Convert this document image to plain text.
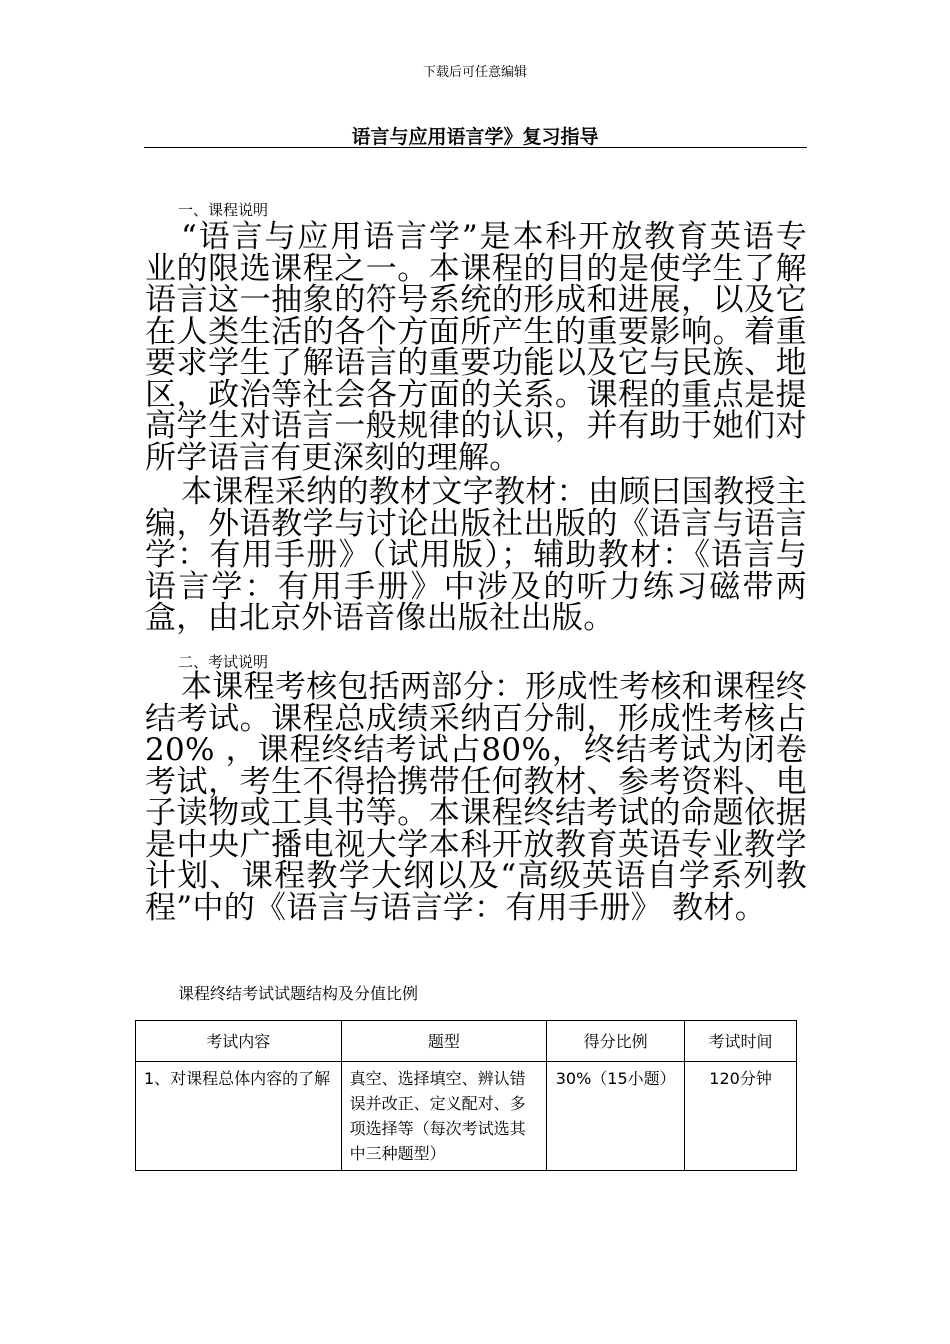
下载后可任意编辑
语言与应用语言学》复习指导
一、课程说明

“语言与应用语言学”是本科开放教育英语专业的限选课程之一。本课程的目的是使学生了解语言这一抽象的符号系统的形成和进展，以及它在人类生活的各个方面所产生的重要影响。着重要求学生了解语言的重要功能以及它与民族、地区，政治等社会各方面的关系。课程的重点是提高学生对语言一般规律的认识，并有助于她们对所学语言有更深刻的理解。

本课程采纳的教材文字教材：由顾曰国教授主编，外语教学与讨论出版社出版的《语言与语言学：有用手册》（试用版）；辅助教材：《语言与语言学：有用手册》中涉及的听力练习磁带两盒，由北京外语音像出版社出版。

二、考试说明

本课程考核包括两部分：形成性考核和课程终结考试。课程总成绩采纳百分制，形成性考核占20% ，课程终结考试占80%，终结考试为闭卷考试，考生不得拾携带任何教材、参考资料、电子读物或工具书等。本课程终结考试的命题依据是中央广播电视大学本科开放教育英语专业教学计划、课程教学大纲以及“高级英语自学系列教程”中的《语言与语言学：有用手册》 教材。

课程终结考试试题结构及分值比例
考试内容	题型	得分比例	考试时间
1、对课程总体内容的了解	真空、选择填空、辨认错误并改正、定义配对、多项选择等（每次考试选其中三种题型）	30%（15小题）	120分钟
